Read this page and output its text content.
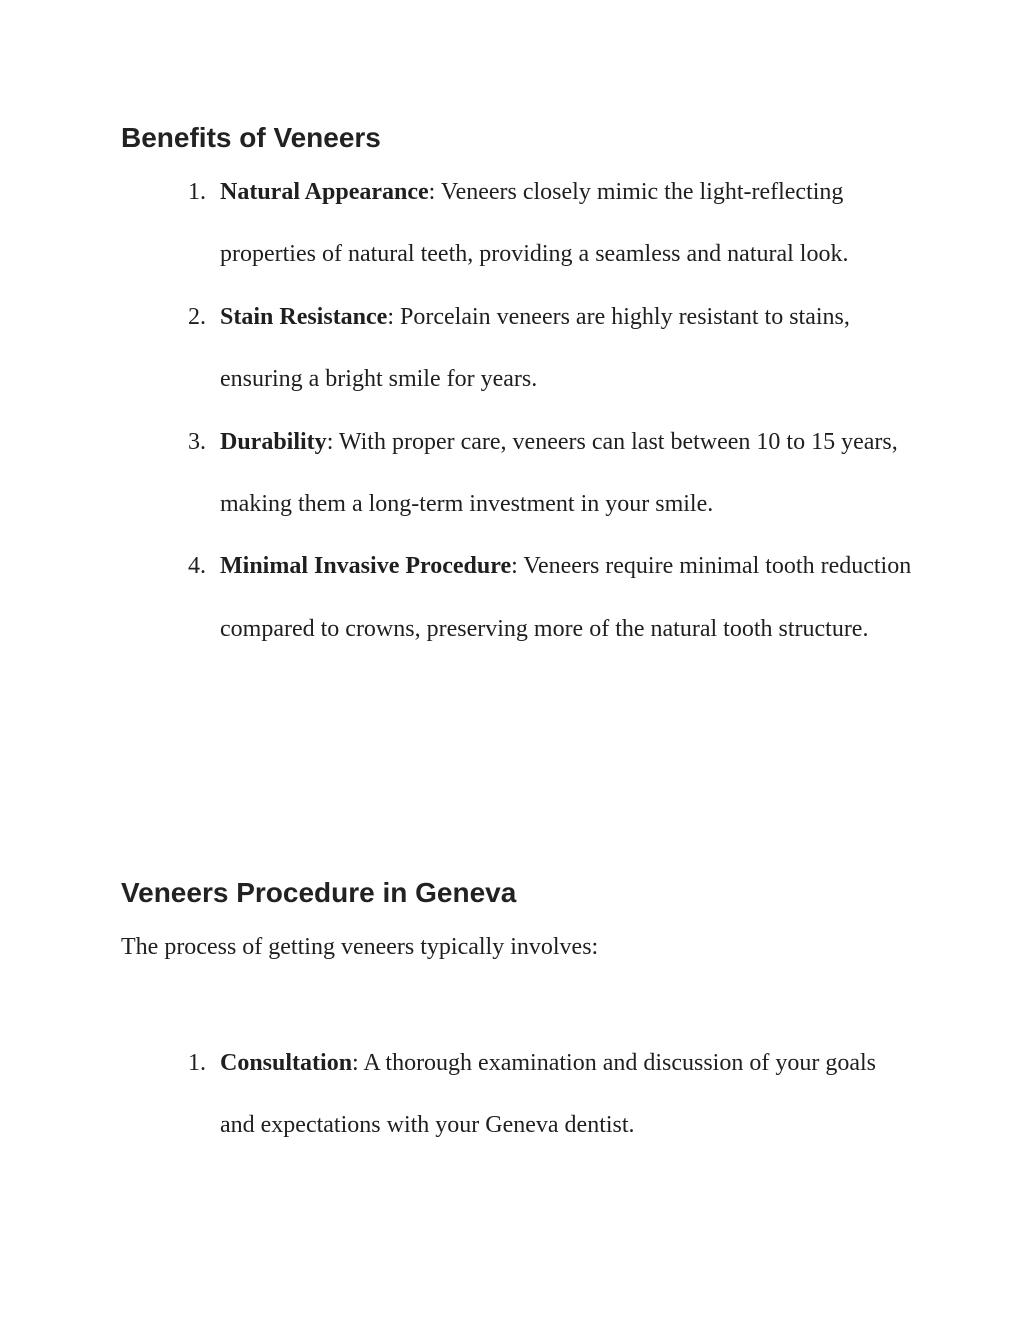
Benefits of Veneers
1. Natural Appearance: Veneers closely mimic the light-reflecting properties of natural teeth, providing a seamless and natural look.
2. Stain Resistance: Porcelain veneers are highly resistant to stains, ensuring a bright smile for years.
3. Durability: With proper care, veneers can last between 10 to 15 years, making them a long-term investment in your smile.
4. Minimal Invasive Procedure: Veneers require minimal tooth reduction compared to crowns, preserving more of the natural tooth structure.
Veneers Procedure in Geneva

The process of getting veneers typically involves:

1. Consultation: A thorough examination and discussion of your goals and expectations with your Geneva dentist.
